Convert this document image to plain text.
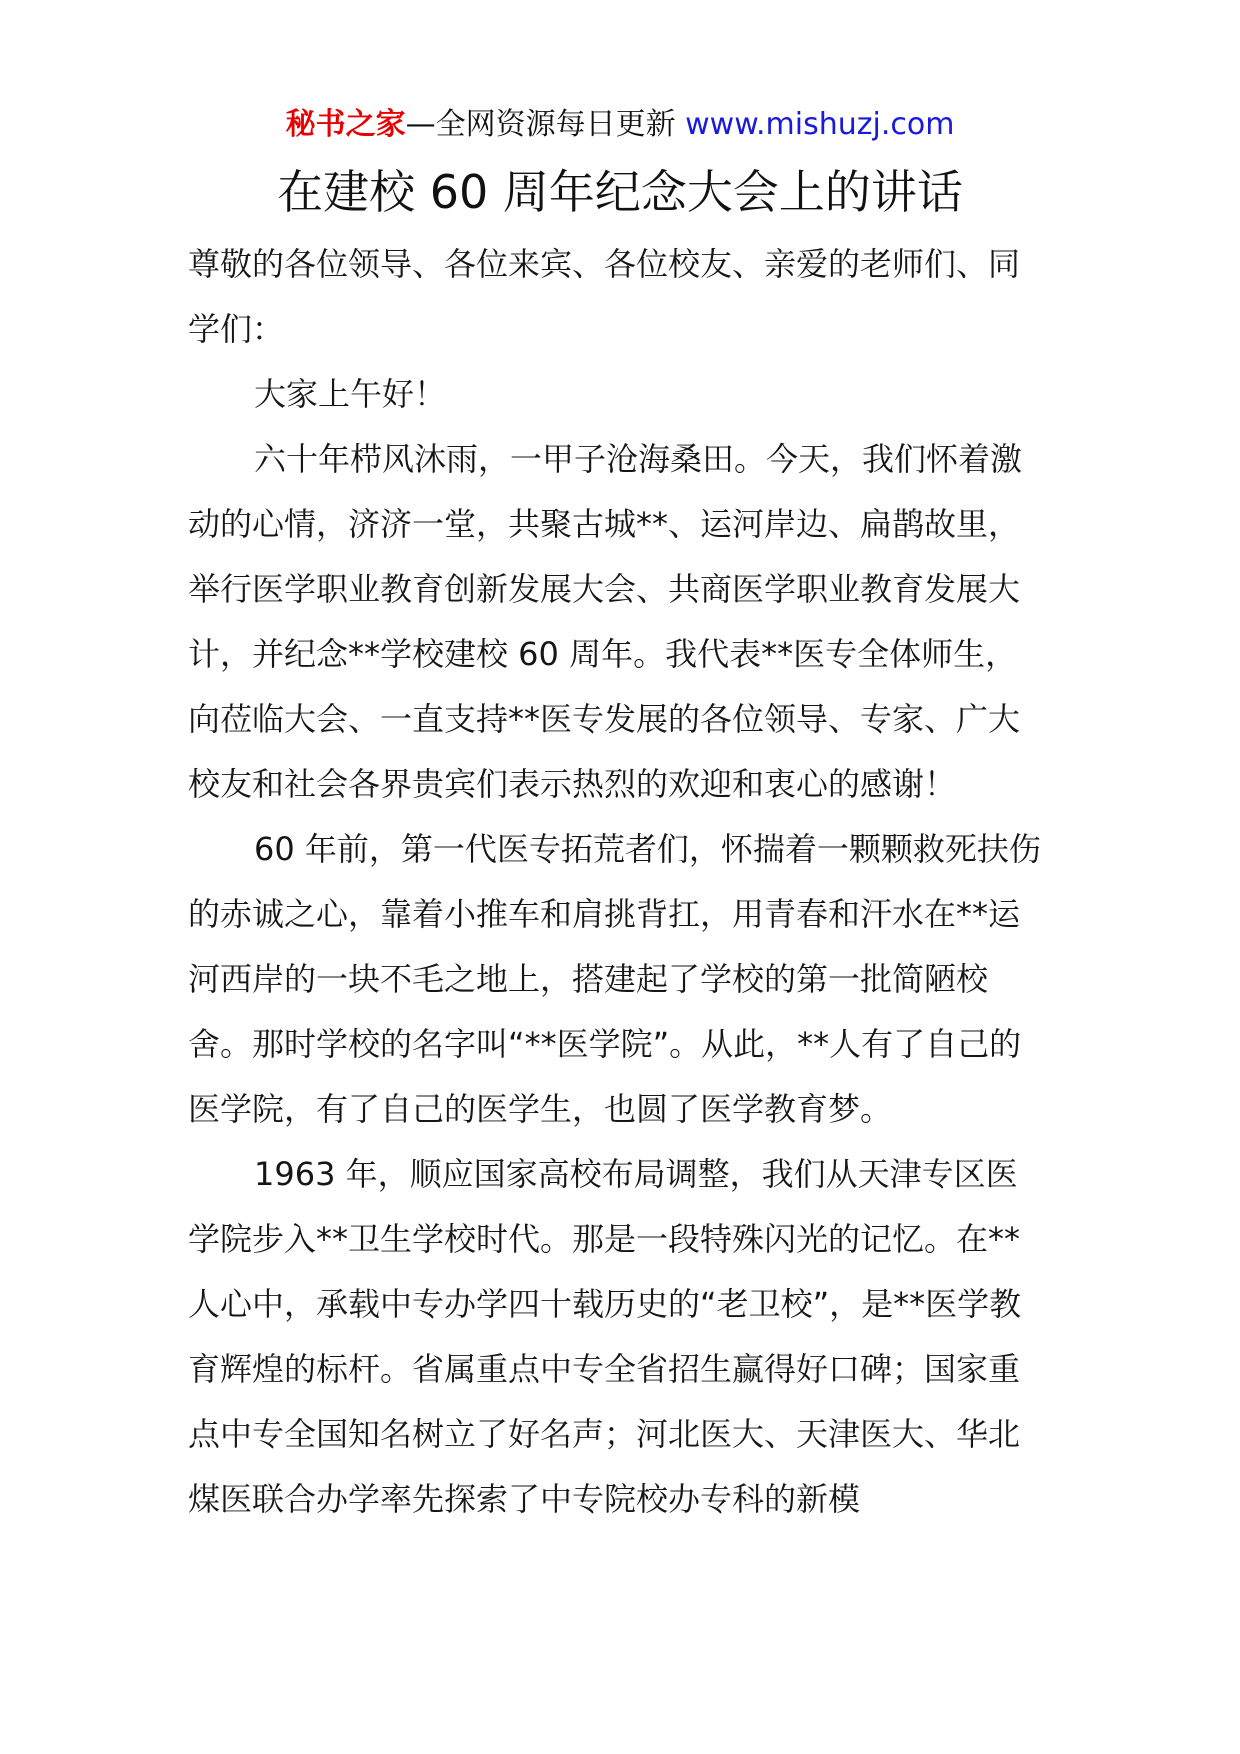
秘书之家—全网资源每日更新 www.mishuzj.com
在建校 60 周年纪念大会上的讲话

尊敬的各位领导、各位来宾、各位校友、亲爱的老师们、同学们：

大家上午好！

六十年栉风沐雨，一甲子沧海桑田。今天，我们怀着激动的心情，济济一堂，共聚古城**、运河岸边、扁鹊故里，举行医学职业教育创新发展大会、共商医学职业教育发展大计，并纪念**学校建校 60 周年。我代表**医专全体师生，向莅临大会、一直支持**医专发展的各位领导、专家、广大校友和社会各界贵宾们表示热烈的欢迎和衷心的感谢！

60 年前，第一代医专拓荒者们，怀揣着一颗颗救死扶伤的赤诚之心，靠着小推车和肩挑背扛，用青春和汗水在**运河西岸的一块不毛之地上，搭建起了学校的第一批简陋校舍。那时学校的名字叫“**医学院”。从此，**人有了自己的医学院，有了自己的医学生，也圆了医学教育梦。

1963 年，顺应国家高校布局调整，我们从天津专区医学院步入**卫生学校时代。那是一段特殊闪光的记忆。在**人心中，承载中专办学四十载历史的“老卫校”，是**医学教育辉煌的标杆。省属重点中专全省招生赢得好口碑；国家重点中专全国知名树立了好名声；河北医大、天津医大、华北煤医联合办学率先探索了中专院校办专科的新模
